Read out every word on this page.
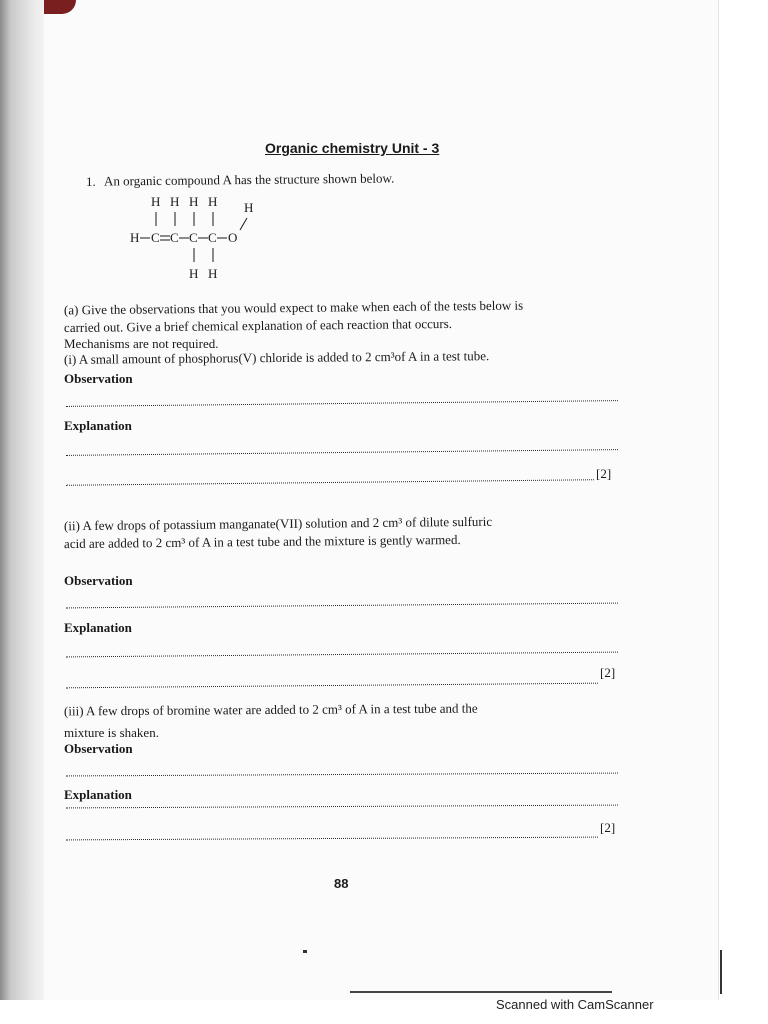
Organic chemistry Unit - 3
1. An organic compound A has the structure shown below.
H H H H H
H C C C C O
H H
(a) Give the observations that you would expect to make when each of the tests below is
carried out. Give a brief chemical explanation of each reaction that occurs.
Mechanisms are not required.
(i) A small amount of phosphorus(V) chloride is added to 2 cm³of A in a test tube.
Observation
Explanation
[2]
(ii) A few drops of potassium manganate(VII) solution and 2 cm³ of dilute sulfuric
acid are added to 2 cm³ of A in a test tube and the mixture is gently warmed.
Observation
Explanation
[2]
(iii) A few drops of bromine water are added to 2 cm³ of A in a test tube and the
mixture is shaken.
Observation
Explanation
[2]
88
Scanned with CamScanner
